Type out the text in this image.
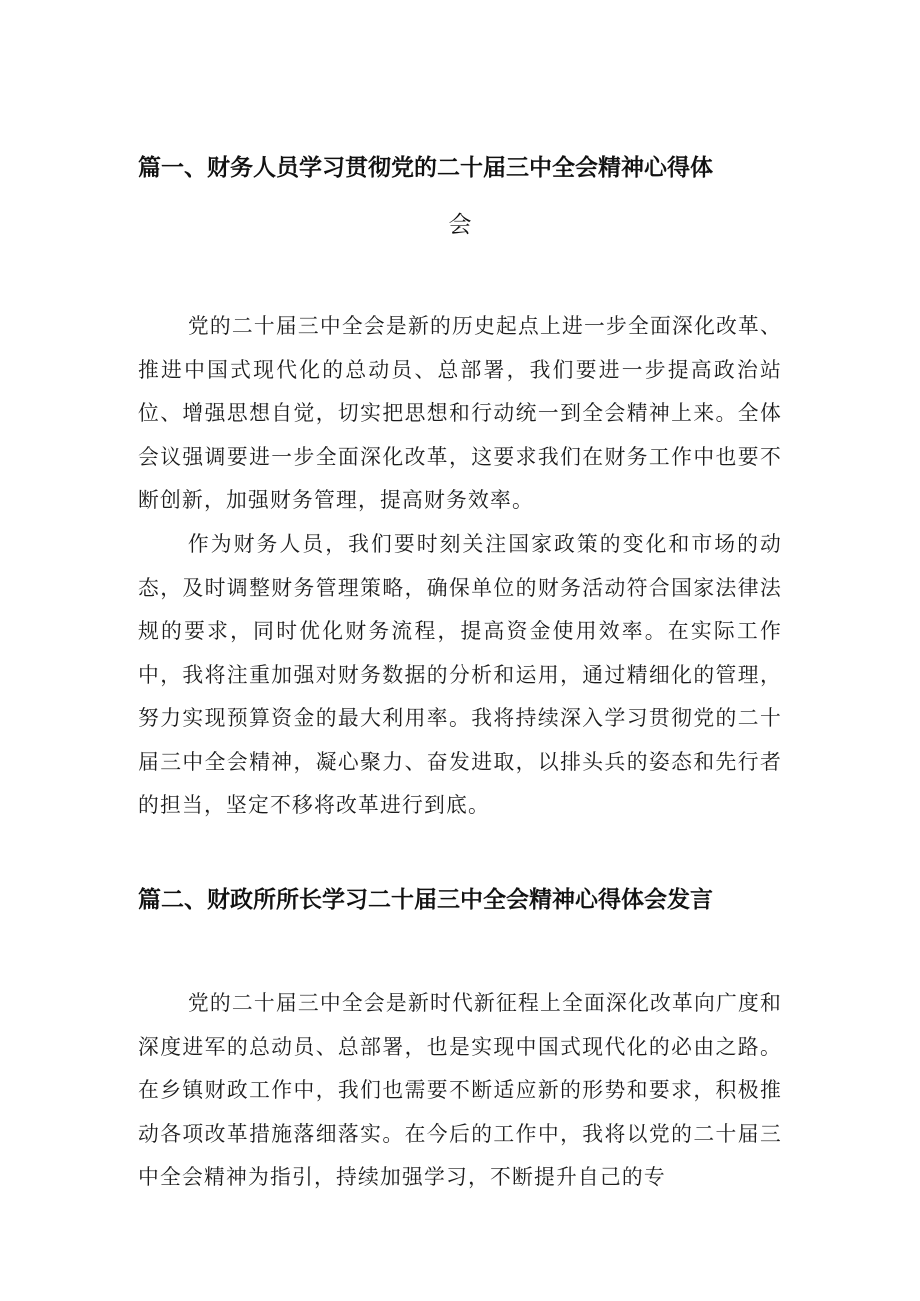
篇一、财务人员学习贯彻党的二十届三中全会精神心得体
会

党的二十届三中全会是新的历史起点上进一步全面深化改革、推进中国式现代化的总动员、总部署，我们要进一步提高政治站位、增强思想自觉，切实把思想和行动统一到全会精神上来。全体会议强调要进一步全面深化改革，这要求我们在财务工作中也要不断创新，加强财务管理，提高财务效率。

作为财务人员，我们要时刻关注国家政策的变化和市场的动态，及时调整财务管理策略，确保单位的财务活动符合国家法律法规的要求，同时优化财务流程，提高资金使用效率。在实际工作中，我将注重加强对财务数据的分析和运用，通过精细化的管理，努力实现预算资金的最大利用率。我将持续深入学习贯彻党的二十届三中全会精神，凝心聚力、奋发进取，以排头兵的姿态和先行者的担当，坚定不移将改革进行到底。

篇二、财政所所长学习二十届三中全会精神心得体会发言

党的二十届三中全会是新时代新征程上全面深化改革向广度和深度进军的总动员、总部署，也是实现中国式现代化的必由之路。在乡镇财政工作中，我们也需要不断适应新的形势和要求，积极推动各项改革措施落细落实。在今后的工作中，我将以党的二十届三中全会精神为指引，持续加强学习，不断提升自己的专
